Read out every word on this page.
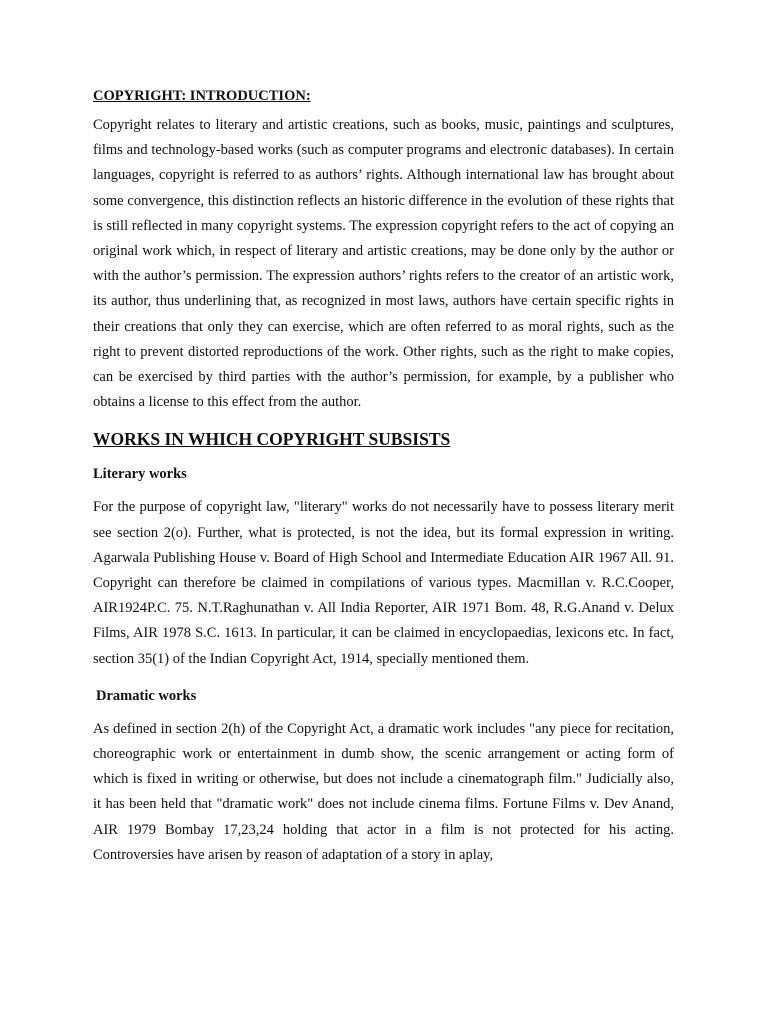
COPYRIGHT: INTRODUCTION:

Copyright relates to literary and artistic creations, such as books, music, paintings and sculptures, films and technology-based works (such as computer programs and electronic databases). In certain languages, copyright is referred to as authors’ rights. Although international law has brought about some convergence, this distinction reflects an historic difference in the evolution of these rights that is still reflected in many copyright systems. The expression copyright refers to the act of copying an original work which, in respect of literary and artistic creations, may be done only by the author or with the author’s permission. The expression authors’ rights refers to the creator of an artistic work, its author, thus underlining that, as recognized in most laws, authors have certain specific rights in their creations that only they can exercise, which are often referred to as moral rights, such as the right to prevent distorted reproductions of the work. Other rights, such as the right to make copies, can be exercised by third parties with the author’s permission, for example, by a publisher who obtains a license to this effect from the author.

WORKS IN WHICH COPYRIGHT SUBSISTS
Literary works

For the purpose of copyright law, "literary" works do not necessarily have to possess literary merit see section 2(o). Further, what is protected, is not the idea, but its formal expression in writing. Agarwala Publishing House v. Board of High School and Intermediate Education AIR 1967 All. 91. Copyright can therefore be claimed in compilations of various types. Macmillan v. R.C.Cooper, AIR1924P.C. 75. N.T.Raghunathan v. All India Reporter, AIR 1971 Bom. 48, R.G.Anand v. Delux Films, AIR 1978 S.C. 1613. In particular, it can be claimed in encyclopaedias, lexicons etc. In fact, section 35(1) of the Indian Copyright Act, 1914, specially mentioned them.

Dramatic works

As defined in section 2(h) of the Copyright Act, a dramatic work includes "any piece for recitation, choreographic work or entertainment in dumb show, the scenic arrangement or acting form of which is fixed in writing or otherwise, but does not include a cinematograph film." Judicially also, it has been held that "dramatic work" does not include cinema films. Fortune Films v. Dev Anand, AIR 1979 Bombay 17,23,24 holding that actor in a film is not protected for his acting. Controversies have arisen by reason of adaptation of a story in aplay,
